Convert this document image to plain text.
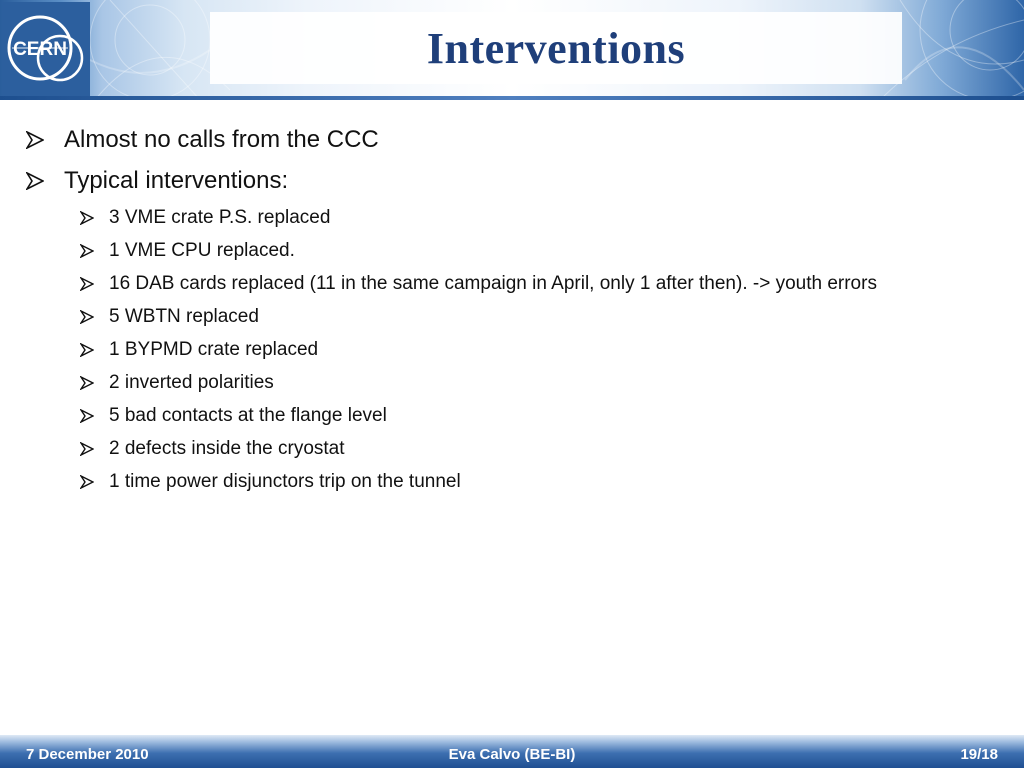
CERN	Interventions
Almost no calls from the CCC
Typical interventions:
3 VME crate P.S. replaced
1 VME CPU replaced.
16 DAB cards replaced (11 in the same campaign in April, only 1 after then). -> youth errors
5 WBTN replaced
1 BYPMD crate replaced
2 inverted polarities
5 bad contacts at the flange level
2 defects inside the cryostat
1 time power disjunctors trip on the tunnel
7 December 2010	Eva Calvo (BE-BI)	19/18
